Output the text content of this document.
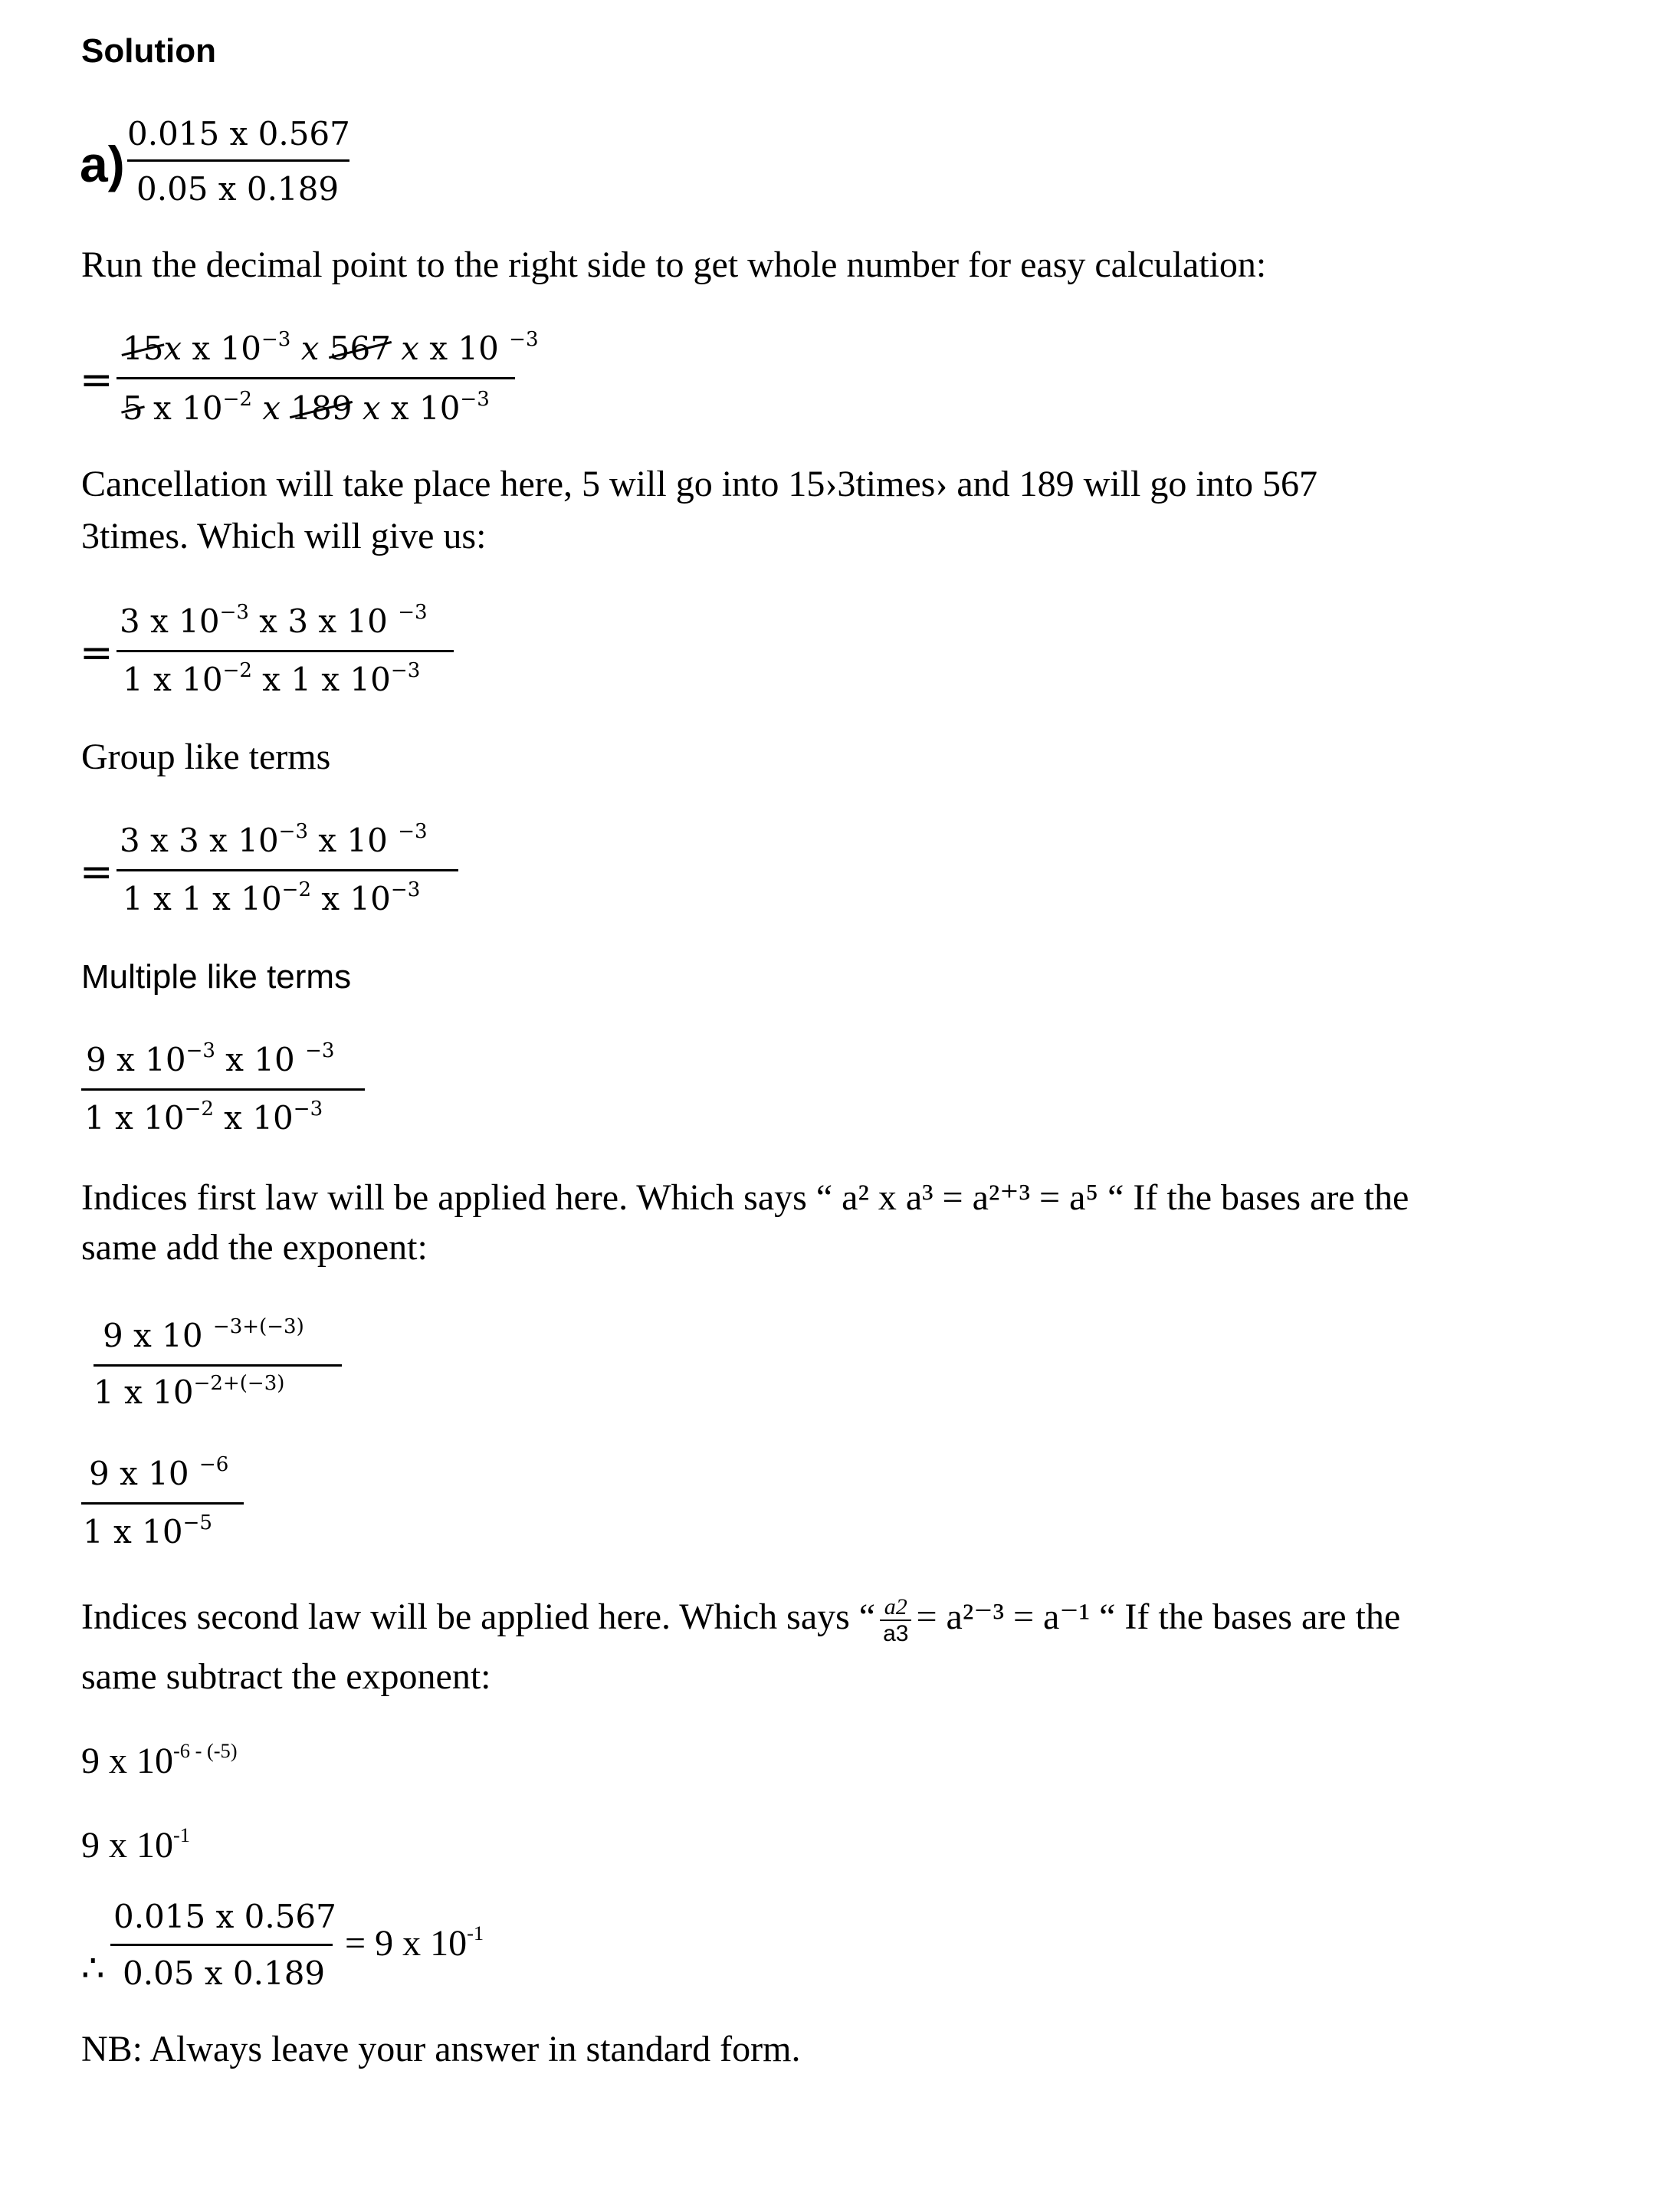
Solution
a)
0.015 x 0.567
0.05 x 0.189
Run the decimal point to the right side to get whole number for easy calculation:
=
15x x $10^{-3}$ x 567 x x 10 $^{-3}$
5 x $10^{-2}$ x 189 x x $10^{-3}$
Cancellation will take place here, 5 will go into 15›3times› and 189 will go into 567
3times. Which will give us:
=
3 x $10^{-3}$ x 3 x 10 $^{-3}$
1 x $10^{-2}$ x 1 x $10^{-3}$
Group like terms
=
3 x 3 x $10^{-3}$ x 10 $^{-3}$
1 x 1 x $10^{-2}$ x $10^{-3}$
Multiple like terms
9 x $10^{-3}$ x 10 $^{-3}$
1 x $10^{-2}$ x $10^{-3}$
Indices first law will be applied here. Which says “ a² x a³ = a²⁺³ = a⁵ “ If the bases are the
same add the exponent:
9 x 10 $^{-3+(-3)}$
1 x $10^{-2+(-3)}$
9 x 10 $^{-6}$
1 x $10^{-5}$
Indices second law will be applied here. Which says “ $\frac{a2}{a3} = a^{2-3} = a^{-1}$ “ If the bases are the
same subtract the exponent:
9 x $10^{-6 - (-5)}$
9 x $10^{-1}$
∴
0.015 x 0.567
0.05 x 0.189
= 9 x $10^{-1}$
NB: Always leave your answer in standard form.
